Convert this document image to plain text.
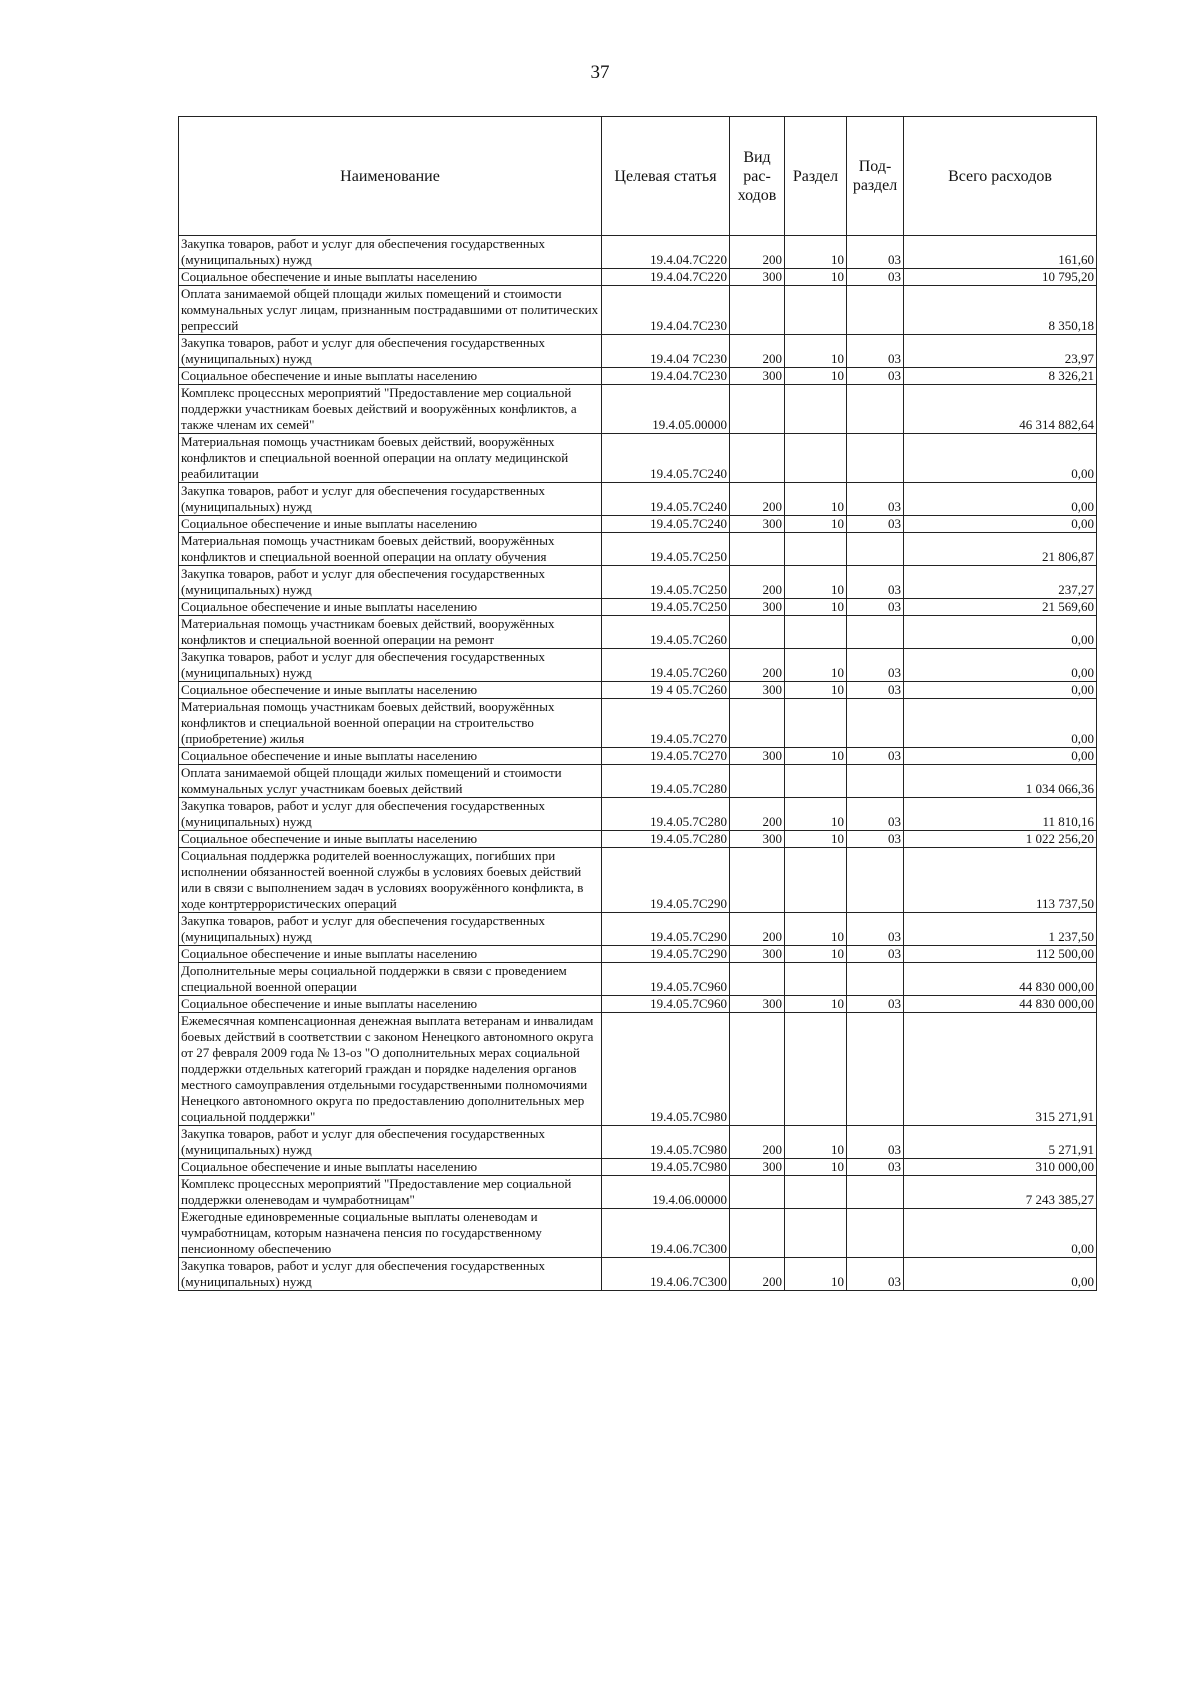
37
Наименование	Целевая статья	Вид рас- ходов	Раздел	Под- раздел	Всего расходов
Закупка товаров, работ и услуг для обеспечения государственных (муниципальных) нужд	19.4.04.7С220	200	10	03	161,60
Социальное обеспечение и иные выплаты населению	19.4.04.7С220	300	10	03	10 795,20
Оплата занимаемой общей площади жилых помещений и стоимости коммунальных услуг лицам, признанным пострадавшими от политических репрессий	19.4.04.7С230				8 350,18
Закупка товаров, работ и услуг для обеспечения государственных (муниципальных) нужд	19.4.04 7С230	200	10	03	23,97
Социальное обеспечение и иные выплаты населению	19.4.04.7С230	300	10	03	8 326,21
Комплекс процессных мероприятий "Предоставление мер социальной поддержки участникам боевых действий и вооружённых конфликтов, а также членам их семей"	19.4.05.00000				46 314 882,64
Материальная помощь участникам боевых действий, вооружённых конфликтов и специальной военной операции на оплату медицинской реабилитации	19.4.05.7С240				0,00
Закупка товаров, работ и услуг для обеспечения государственных (муниципальных) нужд	19.4.05.7С240	200	10	03	0,00
Социальное обеспечение и иные выплаты населению	19.4.05.7С240	300	10	03	0,00
Материальная помощь участникам боевых действий, вооружённых конфликтов и специальной военной операции на оплату обучения	19.4.05.7С250				21 806,87
Закупка товаров, работ и услуг для обеспечения государственных (муниципальных) нужд	19.4.05.7С250	200	10	03	237,27
Социальное обеспечение и иные выплаты населению	19.4.05.7С250	300	10	03	21 569,60
Материальная помощь участникам боевых действий, вооружённых конфликтов и специальной военной операции на ремонт	19.4.05.7С260				0,00
Закупка товаров, работ и услуг для обеспечения государственных (муниципальных) нужд	19.4.05.7С260	200	10	03	0,00
Социальное обеспечение и иные выплаты населению	19 4 05.7С260	300	10	03	0,00
Материальная помощь участникам боевых действий, вооружённых конфликтов и специальной военной операции на строительство (приобретение) жилья	19.4.05.7С270				0,00
Социальное обеспечение и иные выплаты населению	19.4.05.7С270	300	10	03	0,00
Оплата занимаемой общей площади жилых помещений и стоимости коммунальных услуг участникам боевых действий	19.4.05.7С280				1 034 066,36
Закупка товаров, работ и услуг для обеспечения государственных (муниципальных) нужд	19.4.05.7С280	200	10	03	11 810,16
Социальное обеспечение и иные выплаты населению	19.4.05.7С280	300	10	03	1 022 256,20
Социальная поддержка родителей военнослужащих, погибших при исполнении обязанностей военной службы в условиях боевых действий или в связи с выполнением задач в условиях вооружённого конфликта, в ходе контртеррористических операций	19.4.05.7С290				113 737,50
Закупка товаров, работ и услуг для обеспечения государственных (муниципальных) нужд	19.4.05.7С290	200	10	03	1 237,50
Социальное обеспечение и иные выплаты населению	19.4.05.7С290	300	10	03	112 500,00
Дополнительные меры социальной поддержки в связи с проведением специальной военной операции	19.4.05.7С960				44 830 000,00
Социальное обеспечение и иные выплаты населению	19.4.05.7С960	300	10	03	44 830 000,00
Ежемесячная компенсационная денежная выплата ветеранам и инвалидам боевых действий в соответствии с законом Ненецкого автономного округа от 27 февраля 2009 года № 13-оз "О дополнительных мерах социальной поддержки отдельных категорий граждан и порядке наделения органов местного самоуправления отдельными государственными полномочиями Ненецкого автономного округа по предоставлению дополнительных мер социальной поддержки"	19.4.05.7С980				315 271,91
Закупка товаров, работ и услуг для обеспечения государственных (муниципальных) нужд	19.4.05.7С980	200	10	03	5 271,91
Социальное обеспечение и иные выплаты населению	19.4.05.7С980	300	10	03	310 000,00
Комплекс процессных мероприятий "Предоставление мер социальной поддержки оленеводам и чумработницам"	19.4.06.00000				7 243 385,27
Ежегодные единовременные социальные выплаты оленеводам и чумработницам, которым назначена пенсия по государственному пенсионному обеспечению	19.4.06.7С300				0,00
Закупка товаров, работ и услуг для обеспечения государственных (муниципальных) нужд	19.4.06.7С300	200	10	03	0,00
